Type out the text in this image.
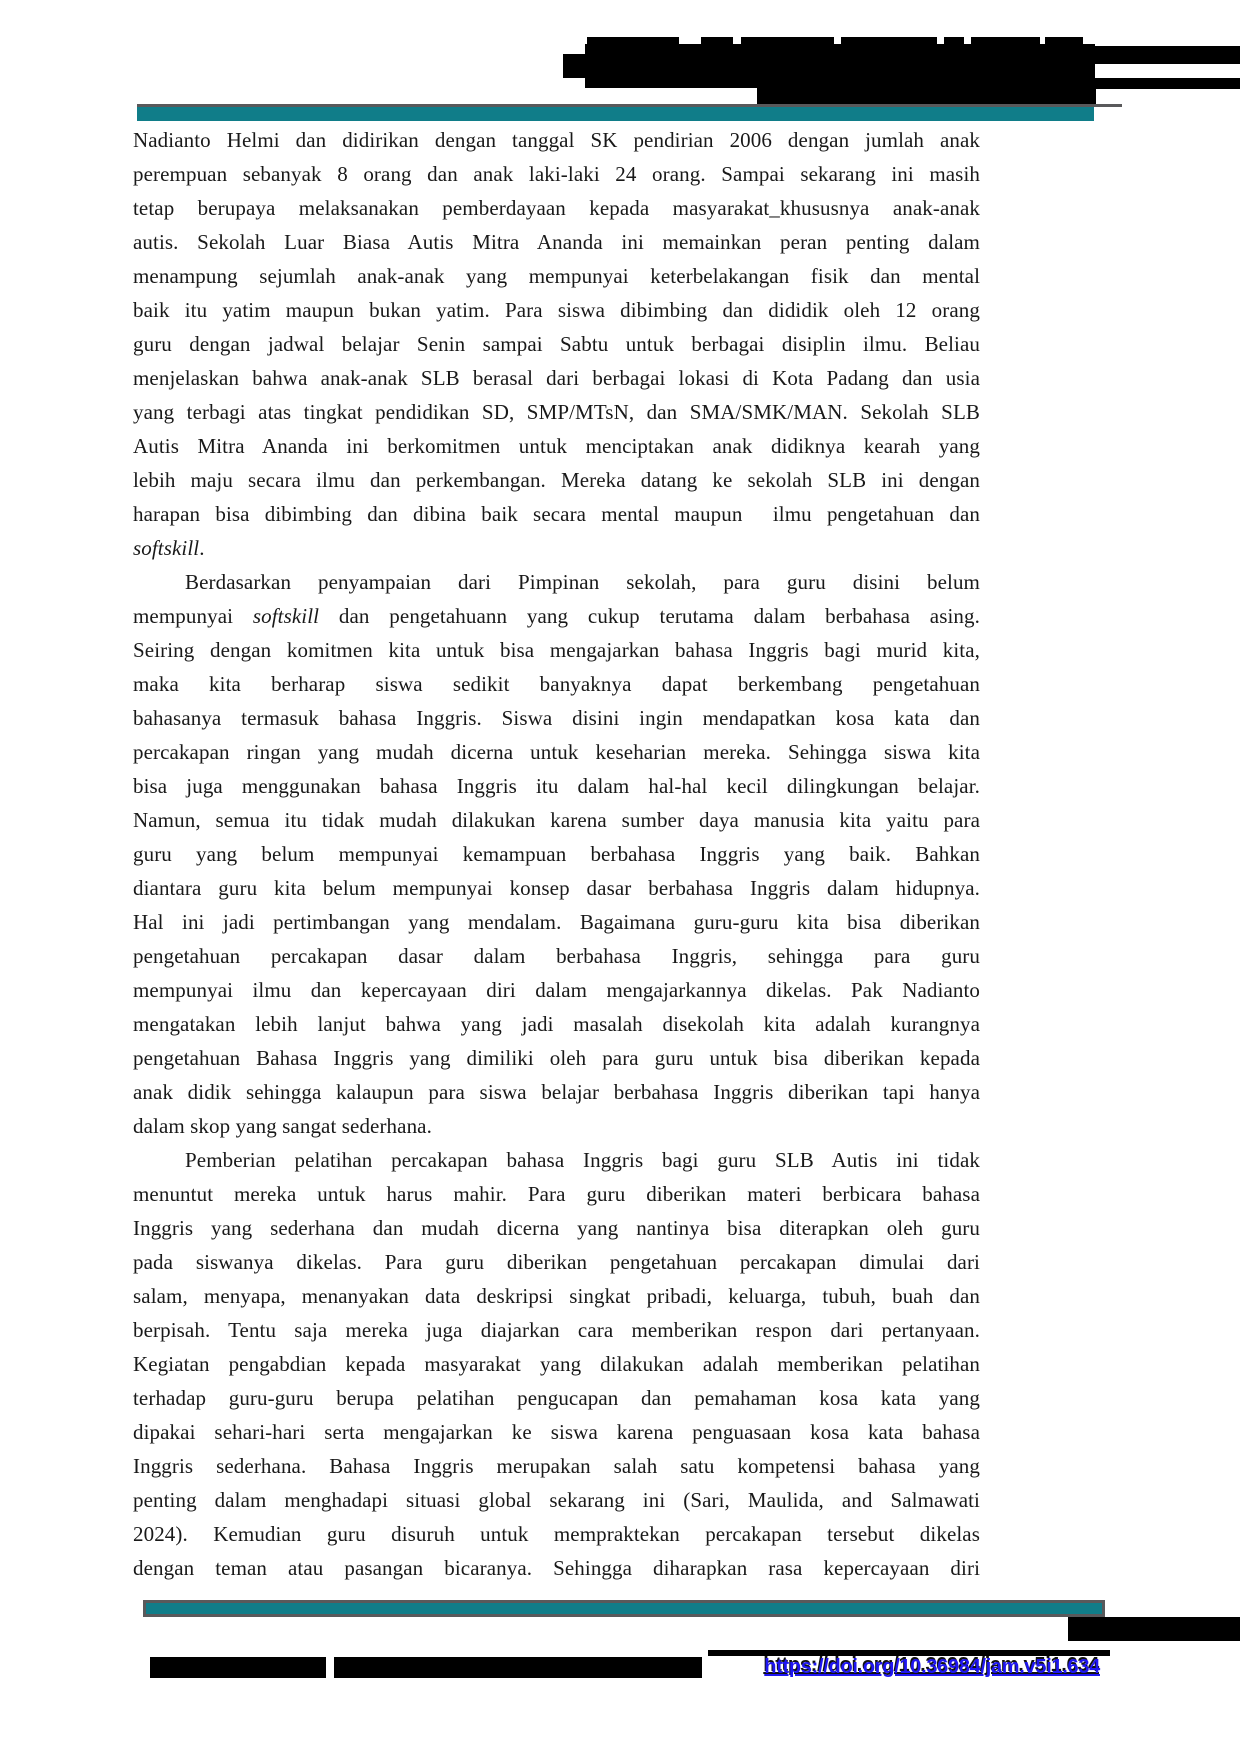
Nadianto Helmi dan didirikan dengan tanggal SK pendirian 2006 dengan jumlah anak
perempuan sebanyak 8 orang dan anak laki-laki 24 orang. Sampai sekarang ini masih
tetap berupaya melaksanakan pemberdayaan kepada masyarakat_khususnya anak-anak
autis. Sekolah Luar Biasa Autis Mitra Ananda ini memainkan peran penting dalam
menampung sejumlah anak-anak yang mempunyai keterbelakangan fisik dan mental
baik itu yatim maupun bukan yatim. Para siswa dibimbing dan dididik oleh 12 orang
guru dengan jadwal belajar Senin sampai Sabtu untuk berbagai disiplin ilmu. Beliau
menjelaskan bahwa anak-anak SLB berasal dari berbagai lokasi di Kota Padang dan usia
yang terbagi atas tingkat pendidikan SD, SMP/MTsN, dan SMA/SMK/MAN. Sekolah SLB
Autis Mitra Ananda ini berkomitmen untuk menciptakan anak didiknya kearah yang
lebih maju secara ilmu dan perkembangan. Mereka datang ke sekolah SLB ini dengan
harapan bisa dibimbing dan dibina baik secara mental maupun  ilmu pengetahuan dan
softskill.
Berdasarkan penyampaian dari Pimpinan sekolah, para guru disini belum
mempunyai softskill dan pengetahuann yang cukup terutama dalam berbahasa asing.
Seiring dengan komitmen kita untuk bisa mengajarkan bahasa Inggris bagi murid kita,
maka kita berharap siswa sedikit banyaknya dapat berkembang pengetahuan
bahasanya termasuk bahasa Inggris. Siswa disini ingin mendapatkan kosa kata dan
percakapan ringan yang mudah dicerna untuk keseharian mereka. Sehingga siswa kita
bisa juga menggunakan bahasa Inggris itu dalam hal-hal kecil dilingkungan belajar.
Namun, semua itu tidak mudah dilakukan karena sumber daya manusia kita yaitu para
guru yang belum mempunyai kemampuan berbahasa Inggris yang baik. Bahkan
diantara guru kita belum mempunyai konsep dasar berbahasa Inggris dalam hidupnya.
Hal ini jadi pertimbangan yang mendalam. Bagaimana guru-guru kita bisa diberikan
pengetahuan percakapan dasar dalam berbahasa Inggris, sehingga para guru
mempunyai ilmu dan kepercayaan diri dalam mengajarkannya dikelas. Pak Nadianto
mengatakan lebih lanjut bahwa yang jadi masalah disekolah kita adalah kurangnya
pengetahuan Bahasa Inggris yang dimiliki oleh para guru untuk bisa diberikan kepada
anak didik sehingga kalaupun para siswa belajar berbahasa Inggris diberikan tapi hanya
dalam skop yang sangat sederhana.
Pemberian pelatihan percakapan bahasa Inggris bagi guru SLB Autis ini tidak
menuntut mereka untuk harus mahir. Para guru diberikan materi berbicara bahasa
Inggris yang sederhana dan mudah dicerna yang nantinya bisa diterapkan oleh guru
pada siswanya dikelas. Para guru diberikan pengetahuan percakapan dimulai dari
salam, menyapa, menanyakan data deskripsi singkat pribadi, keluarga, tubuh, buah dan
berpisah. Tentu saja mereka juga diajarkan cara memberikan respon dari pertanyaan.
Kegiatan pengabdian kepada masyarakat yang dilakukan adalah memberikan pelatihan
terhadap guru-guru berupa pelatihan pengucapan dan pemahaman kosa kata yang
dipakai sehari-hari serta mengajarkan ke siswa karena penguasaan kosa kata bahasa
Inggris sederhana. Bahasa Inggris merupakan salah satu kompetensi bahasa yang
penting dalam menghadapi situasi global sekarang ini (Sari, Maulida, and Salmawati
2024). Kemudian guru disuruh untuk mempraktekan percakapan tersebut dikelas
dengan teman atau pasangan bicaranya. Sehingga diharapkan rasa kepercayaan diri
https://doi.org/10.36984/jam.v5i1.634
